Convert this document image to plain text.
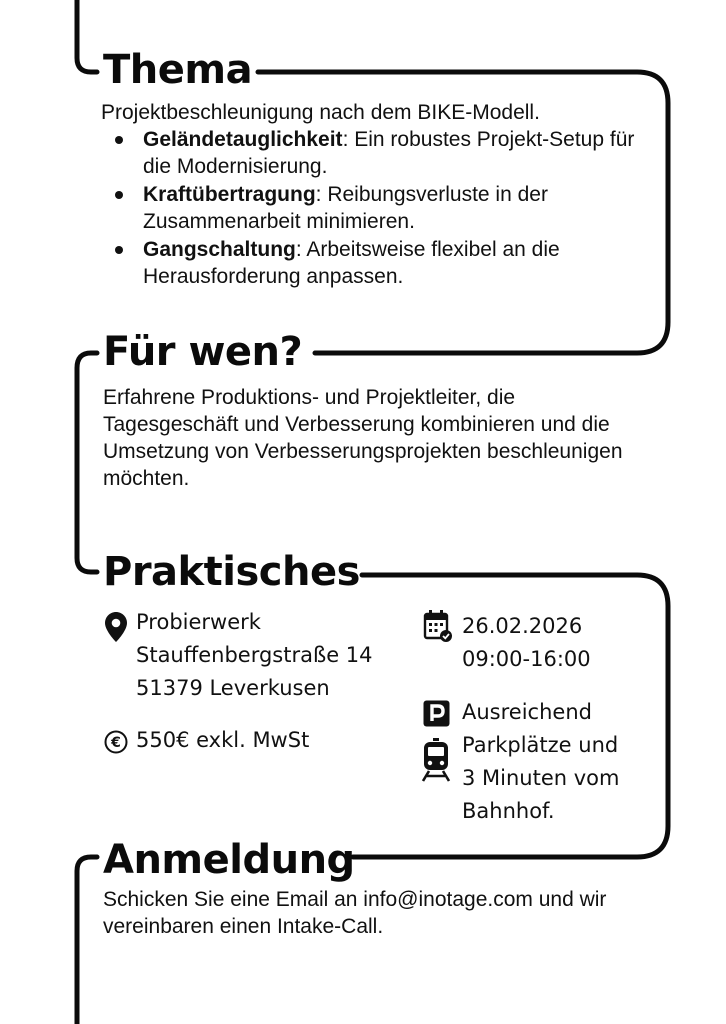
Thema

Projektbeschleunigung nach dem BIKE-Modell.

Geländetauglichkeit: Ein robustes Projekt-Setup für die Modernisierung.
Kraftübertragung: Reibungsverluste in der Zusammenarbeit minimieren.
Gangschaltung: Arbeitsweise flexibel an die Herausforderung anpassen.
Für wen?

Erfahrene Produktions- und Projektleiter, die Tagesgeschäft und Verbesserung kombinieren und die Umsetzung von Verbesserungsprojekten beschleunigen möchten.

Praktisches
Probierwerk
Stauffenbergstraße 14
51379 Leverkusen
€ 550€ exkl. MwSt
26.02.2026
09:00-16:00
Ausreichend
Parkplätze und
3 Minuten vom
Bahnhof.
Anmeldung

Schicken Sie eine Email an info@inotage.com und wir vereinbaren einen Intake-Call.
